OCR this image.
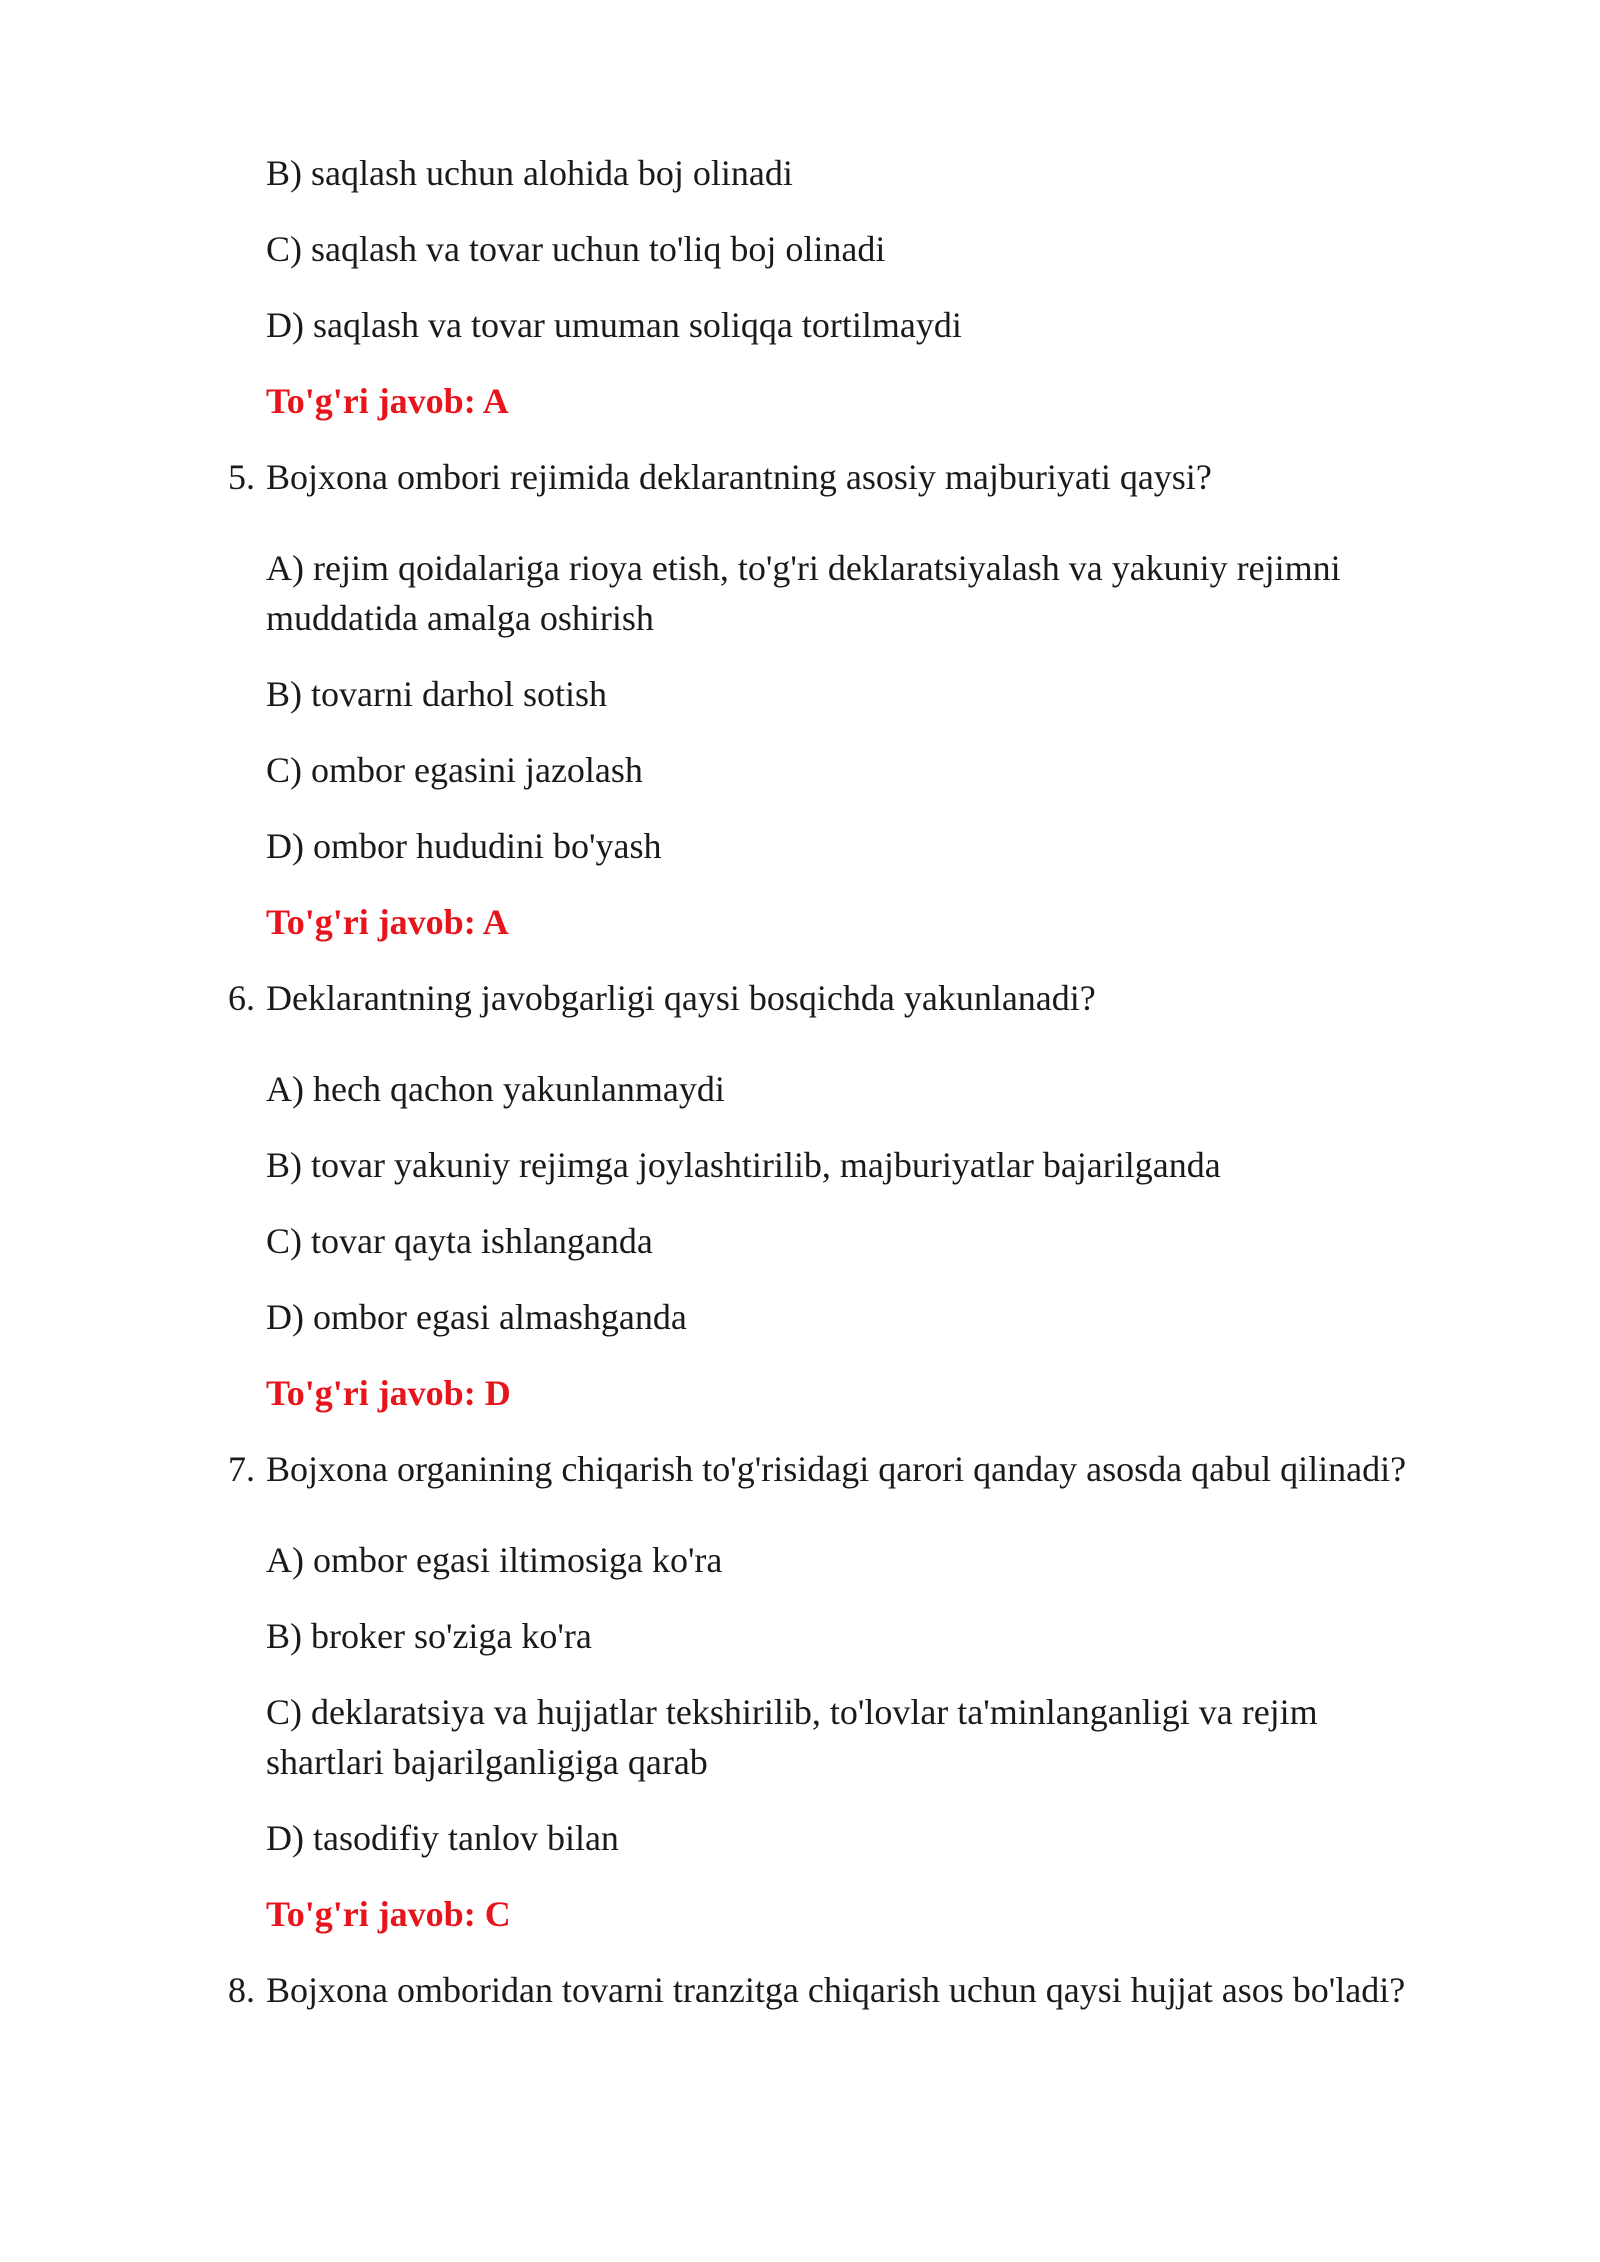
B) saqlash uchun alohida boj olinadi
C) saqlash va tovar uchun to'liq boj olinadi
D) saqlash va tovar umuman soliqqa tortilmaydi
To'g'ri javob: A
5. Bojxona ombori rejimida deklarantning asosiy majburiyati qaysi?
A) rejim qoidalariga rioya etish, to'g'ri deklaratsiyalash va yakuniy rejimni muddatida amalga oshirish
B) tovarni darhol sotish
C) ombor egasini jazolash
D) ombor hududini bo'yash
To'g'ri javob: A
6. Deklarantning javobgarligi qaysi bosqichda yakunlanadi?
A) hech qachon yakunlanmaydi
B) tovar yakuniy rejimga joylashtirilib, majburiyatlar bajarilganda
C) tovar qayta ishlanganda
D) ombor egasi almashganda
To'g'ri javob: D
7. Bojxona organining chiqarish to'g'risidagi qarori qanday asosda qabul qilinadi?
A) ombor egasi iltimosiga ko'ra
B) broker so'ziga ko'ra
C) deklaratsiya va hujjatlar tekshirilib, to'lovlar ta'minlanganligi va rejim shartlari bajarilganligiga qarab
D) tasodifiy tanlov bilan
To'g'ri javob: C
8. Bojxona omboridan tovarni tranzitga chiqarish uchun qaysi hujjat asos bo'ladi?
